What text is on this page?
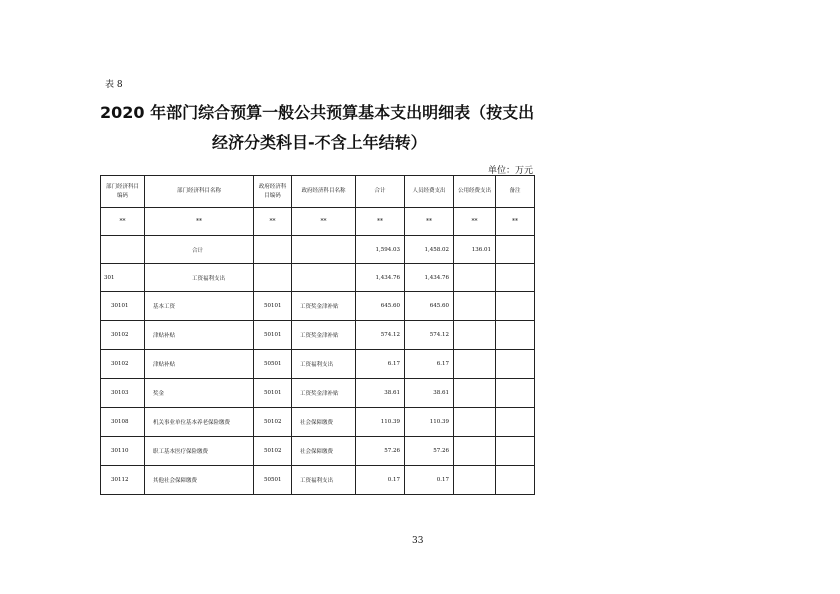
表 8
2020 年部门综合预算一般公共预算基本支出明细表（按支出
经济分类科目-不含上年结转）
单位：万元
部门经济科目编码	部门经济科目名称	政府经济科目编码	政府经济科目名称	合计	人员经费支出	公用经费支出	备注
**	**	**	**	**	**	**	**
	合计			1,594.03	1,458.02	136.01	
301	工资福利支出			1,434.76	1,434.76		
30101	基本工资	50101	工资奖金津补贴	645.60	645.60		
30102	津贴补贴	50101	工资奖金津补贴	574.12	574.12		
30102	津贴补贴	50501	工资福利支出	6.17	6.17		
30103	奖金	50101	工资奖金津补贴	38.61	38.61		
30108	机关事业单位基本养老保险缴费	50102	社会保障缴费	110.39	110.39		
30110	职工基本医疗保险缴费	50102	社会保障缴费	57.26	57.26		
30112	其他社会保障缴费	50501	工资福利支出	0.17	0.17		
33
